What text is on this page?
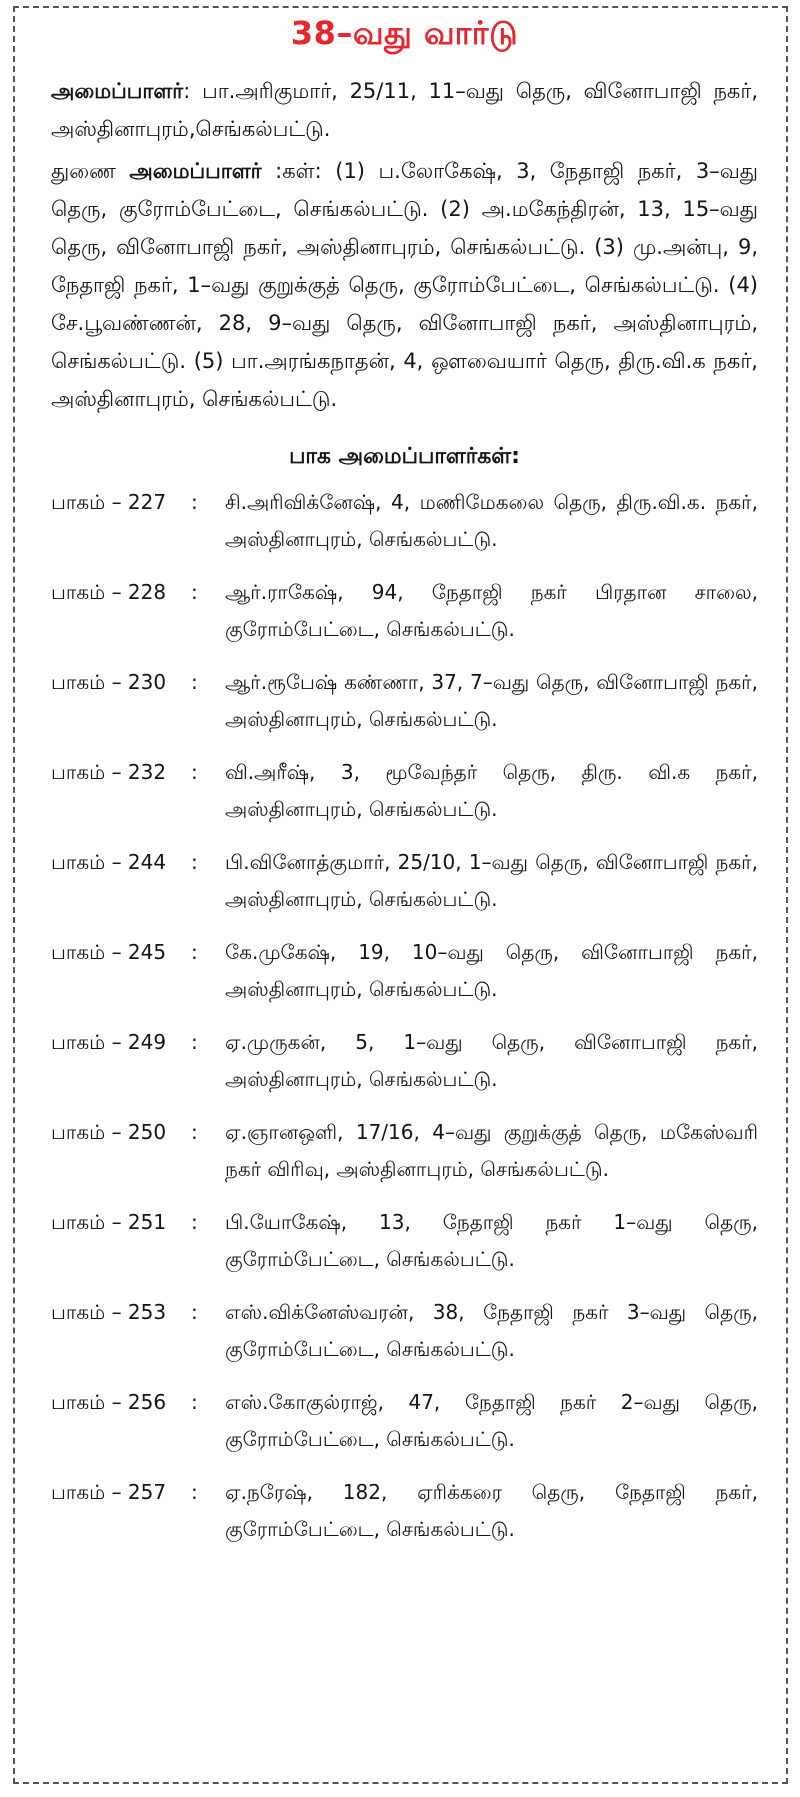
38–வது வார்டு

அமைப்பாளர்: பா.அரிகுமார், 25/11, 11–வது தெரு, வினோபாஜி நகர், அஸ்தினாபுரம்,செங்கல்பட்டு.

துணை அமைப்பாளர் :கள்: (1) ப.லோகேஷ், 3, நேதாஜி நகர், 3–வது தெரு, குரோம்பேட்டை, செங்கல்பட்டு. (2) அ.மகேந்திரன், 13, 15–வது தெரு, வினோபாஜி நகர், அஸ்தினாபுரம், செங்கல்பட்டு. (3) மு.அன்பு, 9, நேதாஜி நகர், 1–வது குறுக்குத் தெரு, குரோம்பேட்டை, செங்கல்பட்டு. (4) சே.பூவண்ணன், 28, 9–வது தெரு, வினோபாஜி நகர், அஸ்தினாபுரம், செங்கல்பட்டு. (5) பா.அரங்கநாதன், 4, ஔவையார் தெரு, திரு.வி.க நகர், அஸ்தினாபுரம், செங்கல்பட்டு.

பாக அமைப்பாளர்கள்:
பாகம் – 227	:	சி.அரிவிக்னேஷ், 4, மணிமேகலை தெரு, திரு.வி.க. நகர், அஸ்தினாபுரம், செங்கல்பட்டு.
பாகம் – 228	:	ஆர்.ராகேஷ், 94, நேதாஜி நகர் பிரதான சாலை, குரோம்பேட்டை, செங்கல்பட்டு.
பாகம் – 230	:	ஆர்.ரூபேஷ் கண்ணா, 37, 7–வது தெரு, வினோபாஜி நகர், அஸ்தினாபுரம், செங்கல்பட்டு.
பாகம் – 232	:	வி.அரீஷ், 3, மூவேந்தர் தெரு, திரு. வி.க நகர், அஸ்தினாபுரம், செங்கல்பட்டு.
பாகம் – 244	:	பி.வினோத்குமார், 25/10, 1–வது தெரு, வினோபாஜி நகர், அஸ்தினாபுரம், செங்கல்பட்டு.
பாகம் – 245	:	கே.முகேஷ், 19, 10–வது தெரு, வினோபாஜி நகர், அஸ்தினாபுரம், செங்கல்பட்டு.
பாகம் – 249	:	ஏ.முருகன், 5, 1–வது தெரு, வினோபாஜி நகர், அஸ்தினாபுரம், செங்கல்பட்டு.
பாகம் – 250	:	ஏ.ஞானஒளி, 17/16, 4–வது குறுக்குத் தெரு, மகேஸ்வரி நகர் விரிவு, அஸ்தினாபுரம், செங்கல்பட்டு.
பாகம் – 251	:	பி.யோகேஷ், 13, நேதாஜி நகர் 1–வது தெரு, குரோம்பேட்டை, செங்கல்பட்டு.
பாகம் – 253	:	எஸ்.விக்னேஸ்வரன், 38, நேதாஜி நகர் 3–வது தெரு, குரோம்பேட்டை, செங்கல்பட்டு.
பாகம் – 256	:	எஸ்.கோகுல்ராஜ், 47, நேதாஜி நகர் 2–வது தெரு, குரோம்பேட்டை, செங்கல்பட்டு.
பாகம் – 257	:	ஏ.நரேஷ், 182, ஏரிக்கரை தெரு, நேதாஜி நகர், குரோம்பேட்டை, செங்கல்பட்டு.
